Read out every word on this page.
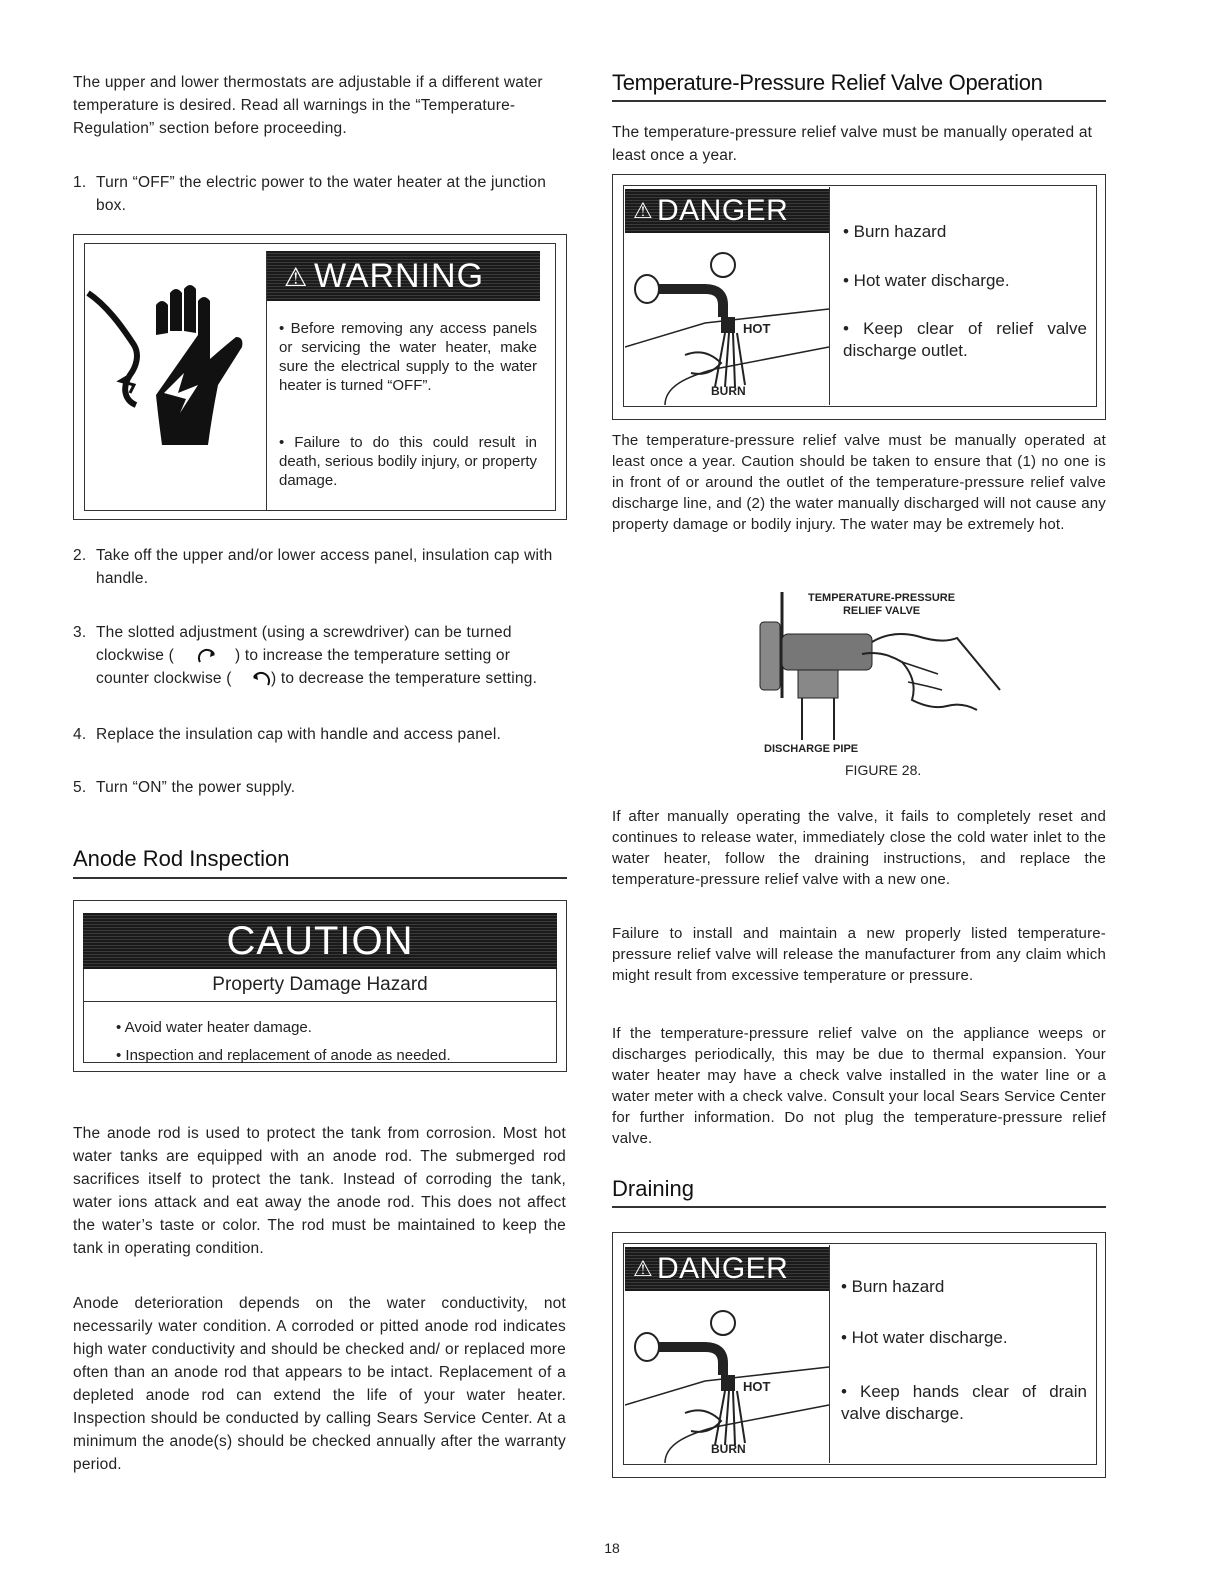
The upper and lower thermostats are adjustable if a different water temperature is desired. Read all warnings in the “Temperature-Regulation” section before proceeding.

1. Turn “OFF” the electric power to the water heater at the junction box.
⚠ WARNING
• Before removing any access panels or servicing the water heater, make sure the electrical supply to the water heater is turned “OFF”.
• Failure to do this could result in death, serious bodily injury, or property damage.
2. Take off the upper and/or lower access panel, insulation cap with handle.
3. The slotted adjustment (using a screwdriver) can be turned
clockwise (	) to increase the temperature setting or
counter clockwise (	) to decrease the temperature setting.
4. Replace the insulation cap with handle and access panel.
5. Turn “ON” the power supply.
Anode Rod Inspection
CAUTION
Property Damage Hazard
• Avoid water heater damage.
• Inspection and replacement of anode as needed.

The anode rod is used to protect the tank from corrosion. Most hot water tanks are equipped with an anode rod. The submerged rod sacrifices itself to protect the tank. Instead of corroding the tank, water ions attack and eat away the anode rod. This does not affect the water’s taste or color. The rod must be maintained to keep the tank in operating condition.

Anode deterioration depends on the water conductivity, not necessarily water condition. A corroded or pitted anode rod indicates high water conductivity and should be checked and/ or replaced more often than an anode rod that appears to be intact. Replacement of a depleted anode rod can extend the life of your water heater. Inspection should be conducted by calling Sears Service Center. At a minimum the anode(s) should be checked annually after the warranty period.

Temperature-Pressure Relief Valve Operation

The temperature-pressure relief valve must be manually operated at least once a year.

⚠ DANGER
HOT
BURN
• Burn hazard
• Hot water discharge.
• Keep clear of relief valve discharge outlet.

The temperature-pressure relief valve must be manually operated at least once a year. Caution should be taken to ensure that (1) no one is in front of or around the outlet of the temperature-pressure relief valve discharge line, and (2) the water manually discharged will not cause any property damage or bodily injury. The water may be extremely hot.

TEMPERATURE-PRESSURE
RELIEF VALVE
DISCHARGE PIPE
FIGURE 28.

If after manually operating the valve, it fails to completely reset and continues to release water, immediately close the cold water inlet to the water heater, follow the draining instructions, and replace the temperature-pressure relief valve with a new one.

Failure to install and maintain a new properly listed temperature-pressure relief valve will release the manufacturer from any claim which might result from excessive temperature or pressure.

If the temperature-pressure relief valve on the appliance weeps or discharges periodically, this may be due to thermal expansion. Your water heater may have a check valve installed in the water line or a water meter with a check valve. Consult your local Sears Service Center for further information. Do not plug the temperature-pressure relief valve.

Draining
⚠ DANGER
HOT
BURN
• Burn hazard
• Hot water discharge.
• Keep hands clear of drain valve discharge.
18
